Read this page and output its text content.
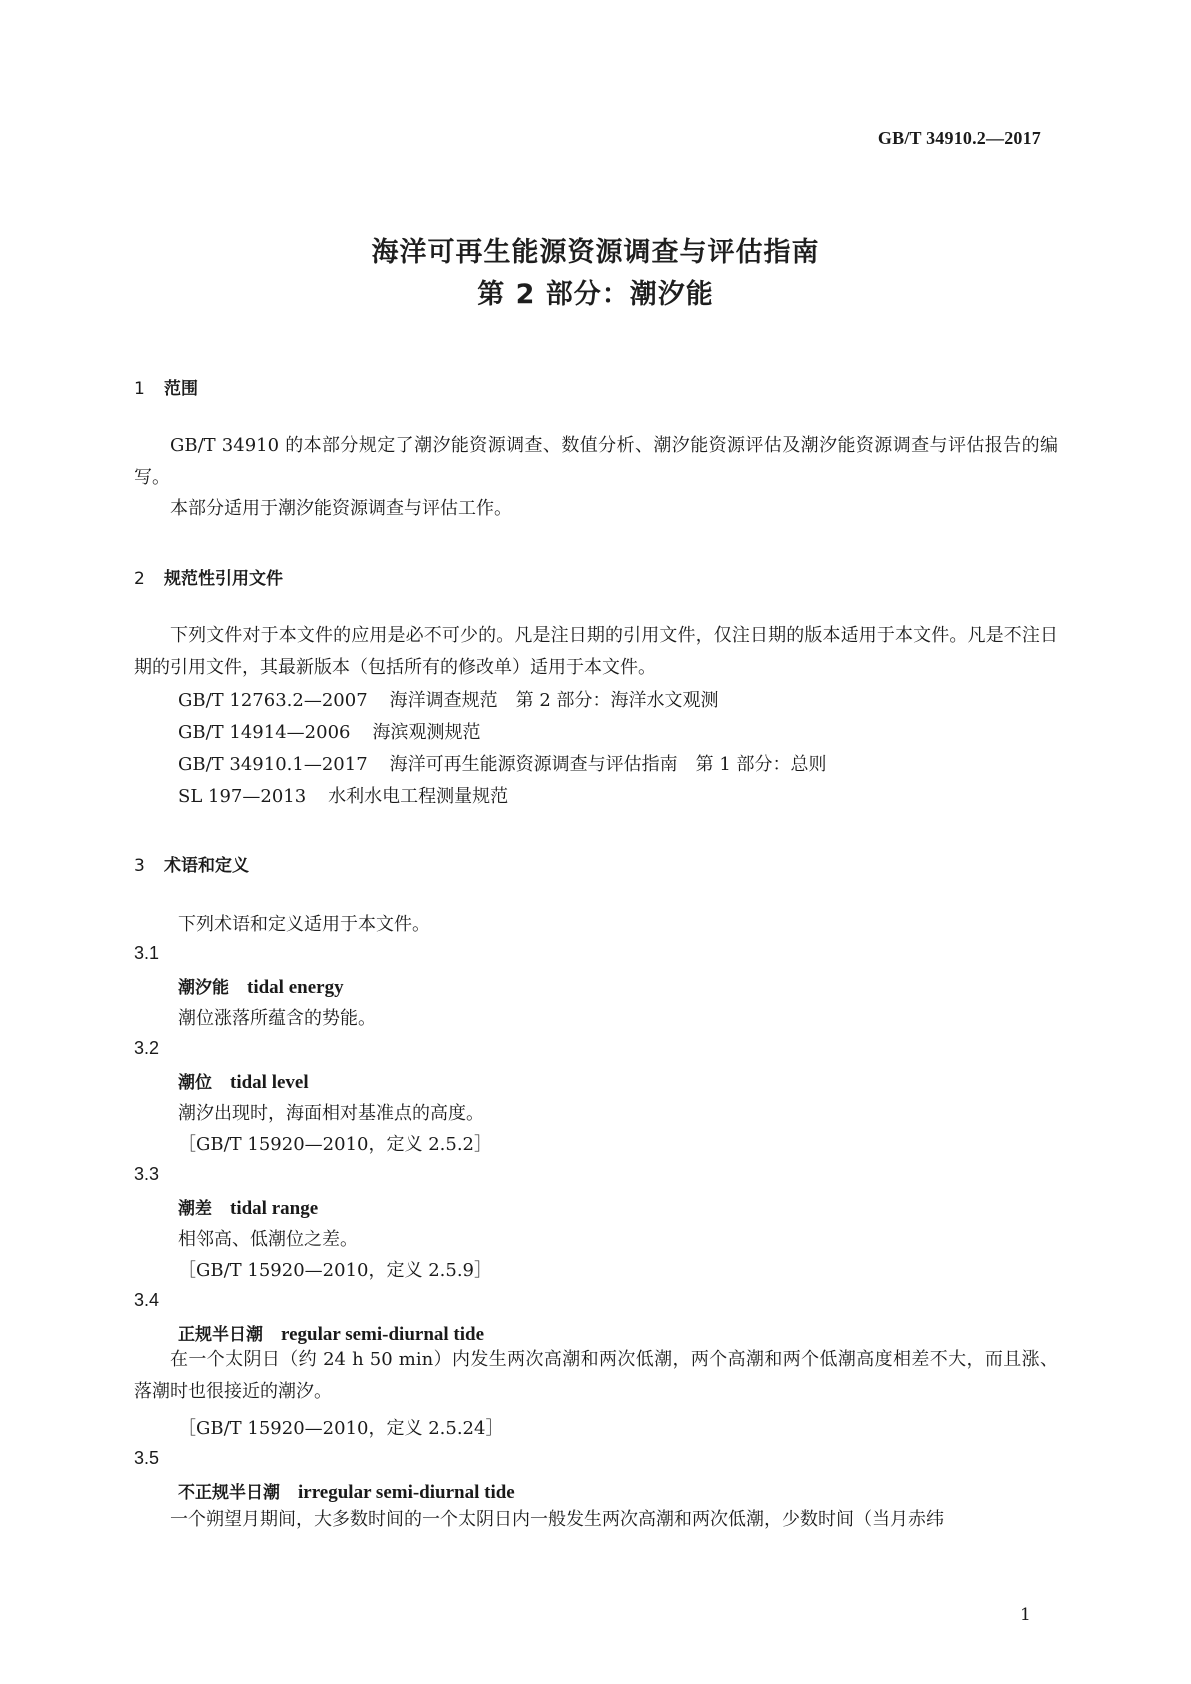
GB/T 34910.2—2017
海洋可再生能源资源调查与评估指南
第 2 部分：潮汐能
1 范围

GB/T 34910 的本部分规定了潮汐能资源调查、数值分析、潮汐能资源评估及潮汐能资源调查与评估报告的编写。

本部分适用于潮汐能资源调查与评估工作。

2 规范性引用文件

下列文件对于本文件的应用是必不可少的。凡是注日期的引用文件，仅注日期的版本适用于本文件。凡是不注日期的引用文件，其最新版本（包括所有的修改单）适用于本文件。

GB/T 12763.2—2007 海洋调查规范　第 2 部分：海洋水文观测
GB/T 14914—2006 海滨观测规范
GB/T 34910.1—2017 海洋可再生能源资源调查与评估指南　第 1 部分：总则
SL 197—2013 水利水电工程测量规范
3 术语和定义
下列术语和定义适用于本文件。
3.1
潮汐能 tidal energy
潮位涨落所蕴含的势能。
3.2
潮位 tidal level
潮汐出现时，海面相对基准点的高度。
［GB/T 15920—2010，定义 2.5.2］
3.3
潮差 tidal range
相邻高、低潮位之差。
［GB/T 15920—2010，定义 2.5.9］
3.4
正规半日潮 regular semi-diurnal tide

在一个太阴日（约 24 h 50 min）内发生两次高潮和两次低潮，两个高潮和两个低潮高度相差不大，而且涨、落潮时也很接近的潮汐。

［GB/T 15920—2010，定义 2.5.24］
3.5
不正规半日潮 irregular semi-diurnal tide

一个朔望月期间，大多数时间的一个太阴日内一般发生两次高潮和两次低潮，少数时间（当月赤纬

1
